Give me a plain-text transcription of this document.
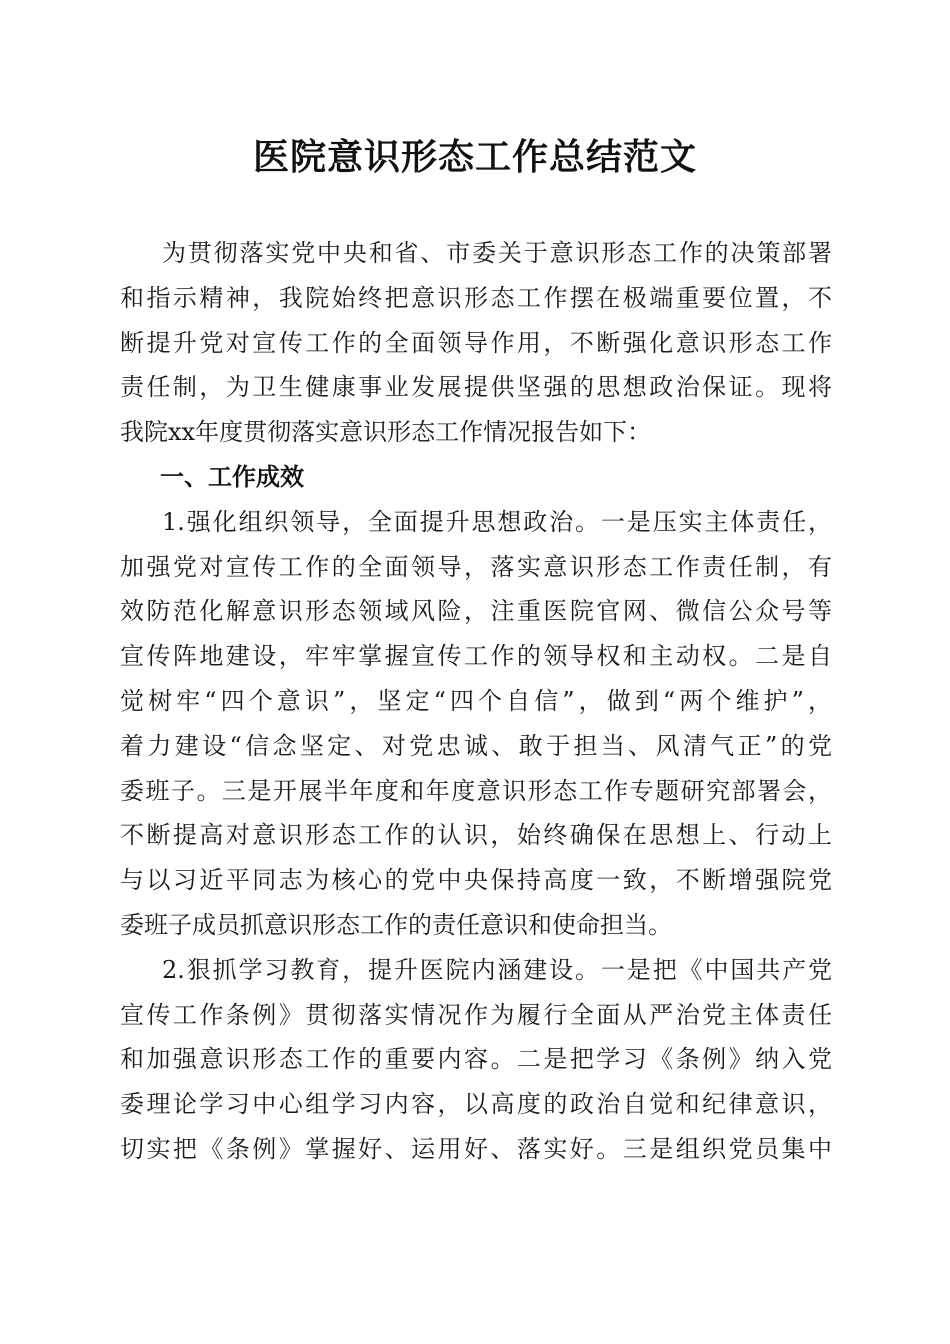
医院意识形态工作总结范文
为贯彻落实党中央和省、市委关于意识形态工作的决策部署
和指示精神，我院始终把意识形态工作摆在极端重要位置，不
断提升党对宣传工作的全面领导作用，不断强化意识形态工作
责任制，为卫生健康事业发展提供坚强的思想政治保证。现将
我院xx年度贯彻落实意识形态工作情况报告如下：
一、工作成效
1.强化组织领导，全面提升思想政治。一是压实主体责任，
加强党对宣传工作的全面领导，落实意识形态工作责任制，有
效防范化解意识形态领域风险，注重医院官网、微信公众号等
宣传阵地建设，牢牢掌握宣传工作的领导权和主动权。二是自
觉树牢“四个意识”，坚定“四个自信”，做到“两个维护”，
着力建设“信念坚定、对党忠诚、敢于担当、风清气正”的党
委班子。三是开展半年度和年度意识形态工作专题研究部署会，
不断提高对意识形态工作的认识，始终确保在思想上、行动上
与以习近平同志为核心的党中央保持高度一致，不断增强院党
委班子成员抓意识形态工作的责任意识和使命担当。
2.狠抓学习教育，提升医院内涵建设。一是把《中国共产党
宣传工作条例》贯彻落实情况作为履行全面从严治党主体责任
和加强意识形态工作的重要内容。二是把学习《条例》纳入党
委理论学习中心组学习内容，以高度的政治自觉和纪律意识，
切实把《条例》掌握好、运用好、落实好。三是组织党员集中
